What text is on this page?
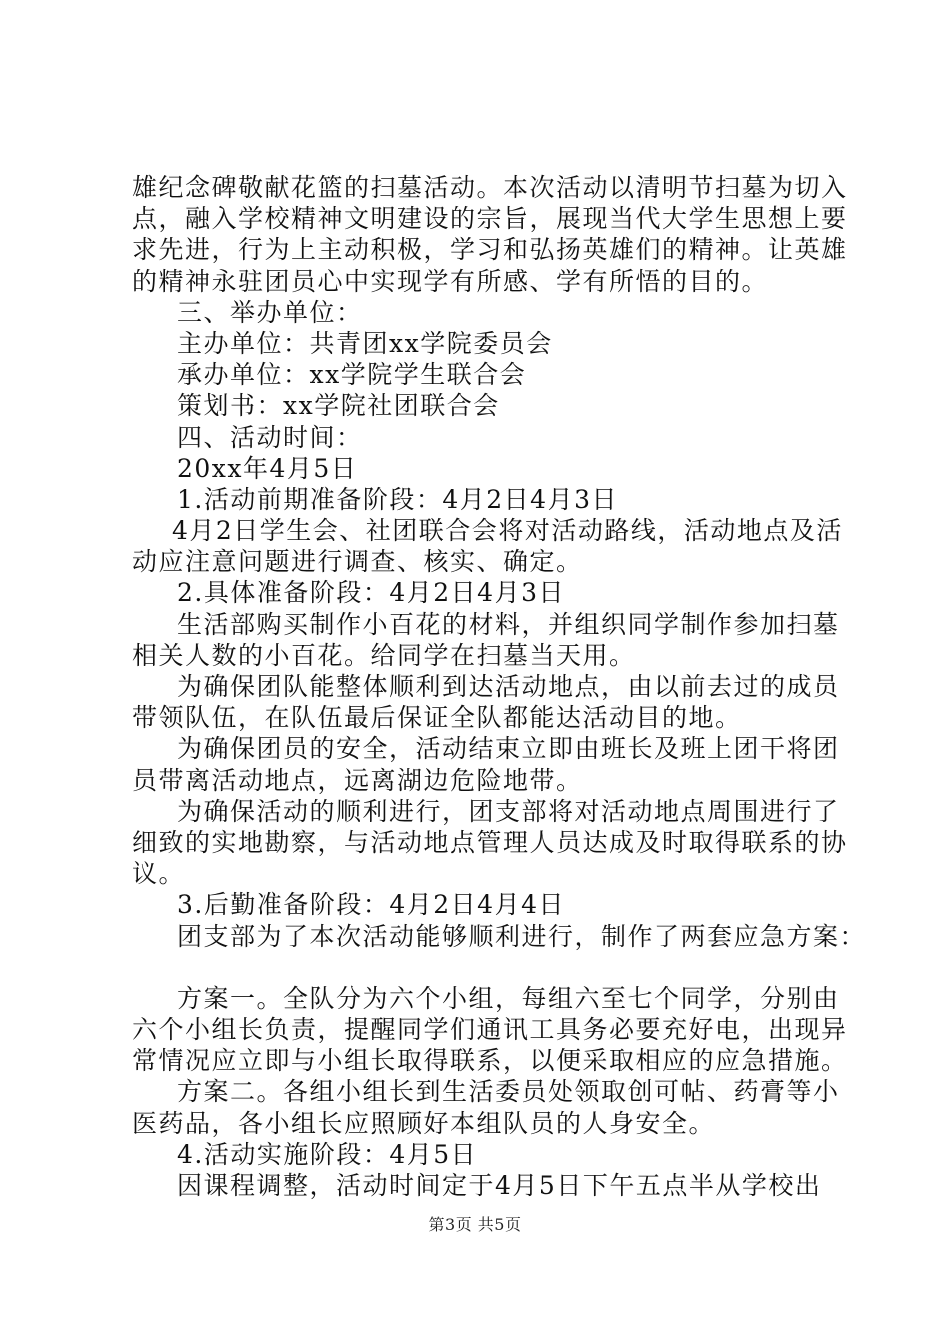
雄纪念碑敬献花篮的扫墓活动。本次活动以清明节扫墓为切入
点，融入学校精神文明建设的宗旨，展现当代大学生思想上要
求先进，行为上主动积极，学习和弘扬英雄们的精神。让英雄
的精神永驻团员心中实现学有所感、学有所悟的目的。
三、举办单位：
主办单位：共青团xx学院委员会
承办单位：xx学院学生联合会
策划书：xx学院社团联合会
四、活动时间：
20xx年4月5日
1.活动前期准备阶段：4月2日4月3日
4月2日学生会、社团联合会将对活动路线，活动地点及活
动应注意问题进行调查、核实、确定。
2.具体准备阶段：4月2日4月3日
生活部购买制作小百花的材料，并组织同学制作参加扫墓
相关人数的小百花。给同学在扫墓当天用。
为确保团队能整体顺利到达活动地点，由以前去过的成员
带领队伍，在队伍最后保证全队都能达活动目的地。
为确保团员的安全，活动结束立即由班长及班上团干将团
员带离活动地点，远离湖边危险地带。
为确保活动的顺利进行，团支部将对活动地点周围进行了
细致的实地勘察，与活动地点管理人员达成及时取得联系的协
议。
3.后勤准备阶段：4月2日4月4日
团支部为了本次活动能够顺利进行，制作了两套应急方案：
方案一。全队分为六个小组，每组六至七个同学，分别由
六个小组长负责，提醒同学们通讯工具务必要充好电，出现异
常情况应立即与小组长取得联系，以便采取相应的应急措施。
方案二。各组小组长到生活委员处领取创可帖、药膏等小
医药品，各小组长应照顾好本组队员的人身安全。
4.活动实施阶段：4月5日
因课程调整，活动时间定于4月5日下午五点半从学校出
第3页 共5页
